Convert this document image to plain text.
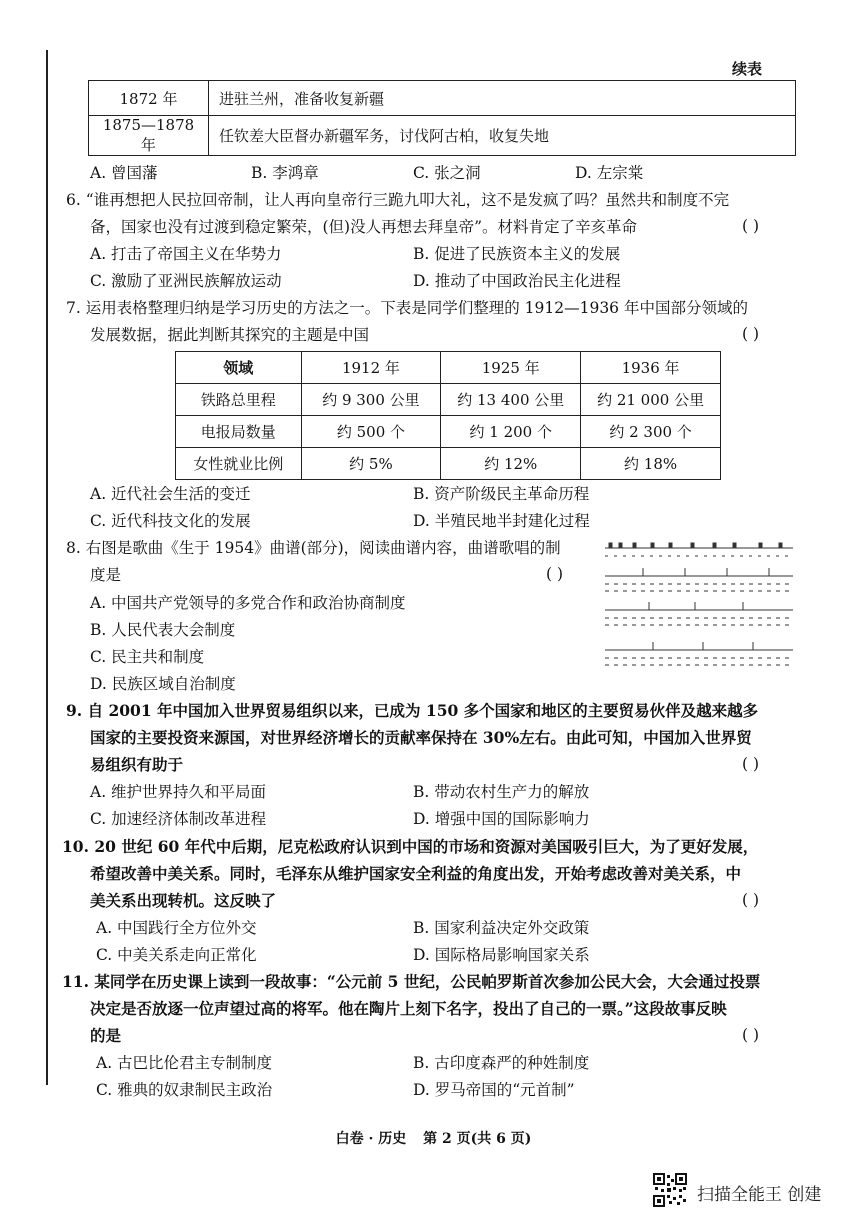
续表
1872 年	进驻兰州，准备收复新疆
1875—1878 年	任钦差大臣督办新疆军务，讨伐阿古柏，收复失地
A. 曾国藩	B. 李鸿章	C. 张之洞	D. 左宗棠
6. “谁再想把人民拉回帝制，让人再向皇帝行三跪九叩大礼，这不是发疯了吗？虽然共和制度不完
备，国家也没有过渡到稳定繁荣，(但)没人再想去拜皇帝”。材料肯定了辛亥革命	( )
A. 打击了帝国主义在华势力	B. 促进了民族资本主义的发展
C. 激励了亚洲民族解放运动	D. 推动了中国政治民主化进程
7. 运用表格整理归纳是学习历史的方法之一。下表是同学们整理的 1912—1936 年中国部分领域的
发展数据，据此判断其探究的主题是中国	( )
领域	1912 年	1925 年	1936 年
铁路总里程	约 9 300 公里	约 13 400 公里	约 21 000 公里
电报局数量	约 500 个	约 1 200 个	约 2 300 个
女性就业比例	约 5%	约 12%	约 18%
A. 近代社会生活的变迁	B. 资产阶级民主革命历程
C. 近代科技文化的发展	D. 半殖民地半封建化过程
8. 右图是歌曲《生于 1954》曲谱(部分)，阅读曲谱内容，曲谱歌唱的制
度是	( )
A. 中国共产党领导的多党合作和政治协商制度
B. 人民代表大会制度
C. 民主共和制度
D. 民族区域自治制度
9. 自 2001 年中国加入世界贸易组织以来，已成为 150 多个国家和地区的主要贸易伙伴及越来越多
国家的主要投资来源国，对世界经济增长的贡献率保持在 30%左右。由此可知，中国加入世界贸
易组织有助于	( )
A. 维护世界持久和平局面	B. 带动农村生产力的解放
C. 加速经济体制改革进程	D. 增强中国的国际影响力
10. 20 世纪 60 年代中后期，尼克松政府认识到中国的市场和资源对美国吸引巨大，为了更好发展，
希望改善中美关系。同时，毛泽东从维护国家安全利益的角度出发，开始考虑改善对美关系，中
美关系出现转机。这反映了	( )
A. 中国践行全方位外交	B. 国家利益决定外交政策
C. 中美关系走向正常化	D. 国际格局影响国家关系
11. 某同学在历史课上读到一段故事：“公元前 5 世纪，公民帕罗斯首次参加公民大会，大会通过投票
决定是否放逐一位声望过高的将军。他在陶片上刻下名字，投出了自己的一票。”这段故事反映
的是	( )
A. 古巴比伦君主专制制度	B. 古印度森严的种姓制度
C. 雅典的奴隶制民主政治	D. 罗马帝国的“元首制”
白卷 · 历史 第 2 页(共 6 页)
扫描全能王 创建
